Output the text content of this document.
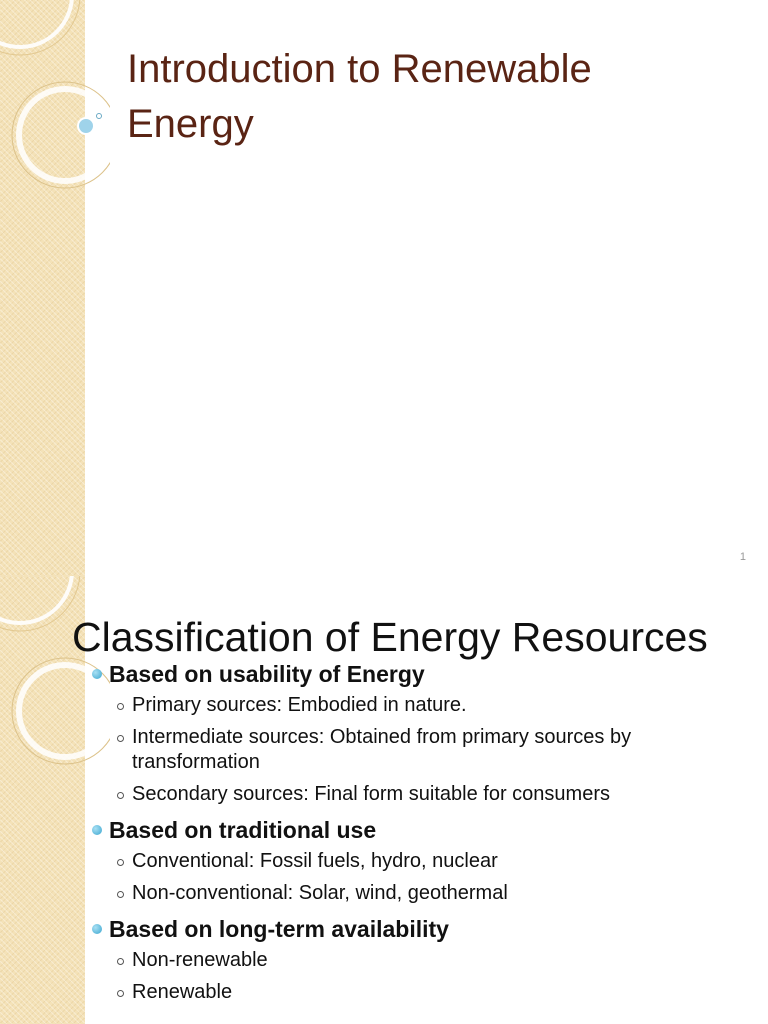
Introduction to Renewable
Energy
1
Classification of Energy Resources
Based on usability of Energy
Primary sources: Embodied in nature.
Intermediate sources: Obtained from primary sources by transformation
Secondary sources: Final form suitable for consumers
Based on traditional use
Conventional: Fossil fuels, hydro, nuclear
Non-conventional: Solar, wind, geothermal
Based on long-term availability
Non-renewable
Renewable
